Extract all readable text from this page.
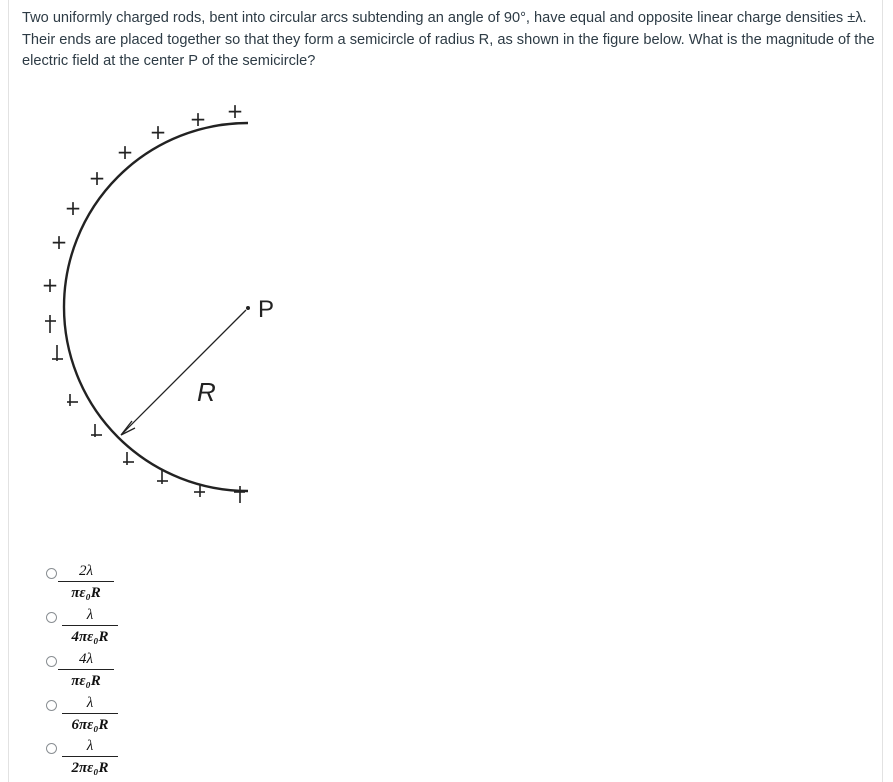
Two uniformly charged rods, bent into circular arcs subtending an angle of 90°, have equal and opposite linear charge densities ±λ. Their ends are placed together so that they form a semicircle of radius R, as shown in the figure below. What is the magnitude of the electric field at the center P of the semicircle?
P
R
+
+
+
+
+
+
+
+
$\frac{2\lambda}{\text{πε₀R}}$
$\frac{\lambda}{\text{4πε₀R}}$
$\frac{4\lambda}{\text{πε₀R}}$
$\frac{\lambda}{\text{6πε₀R}}$
$\frac{\lambda}{\text{2πε₀R}}$
